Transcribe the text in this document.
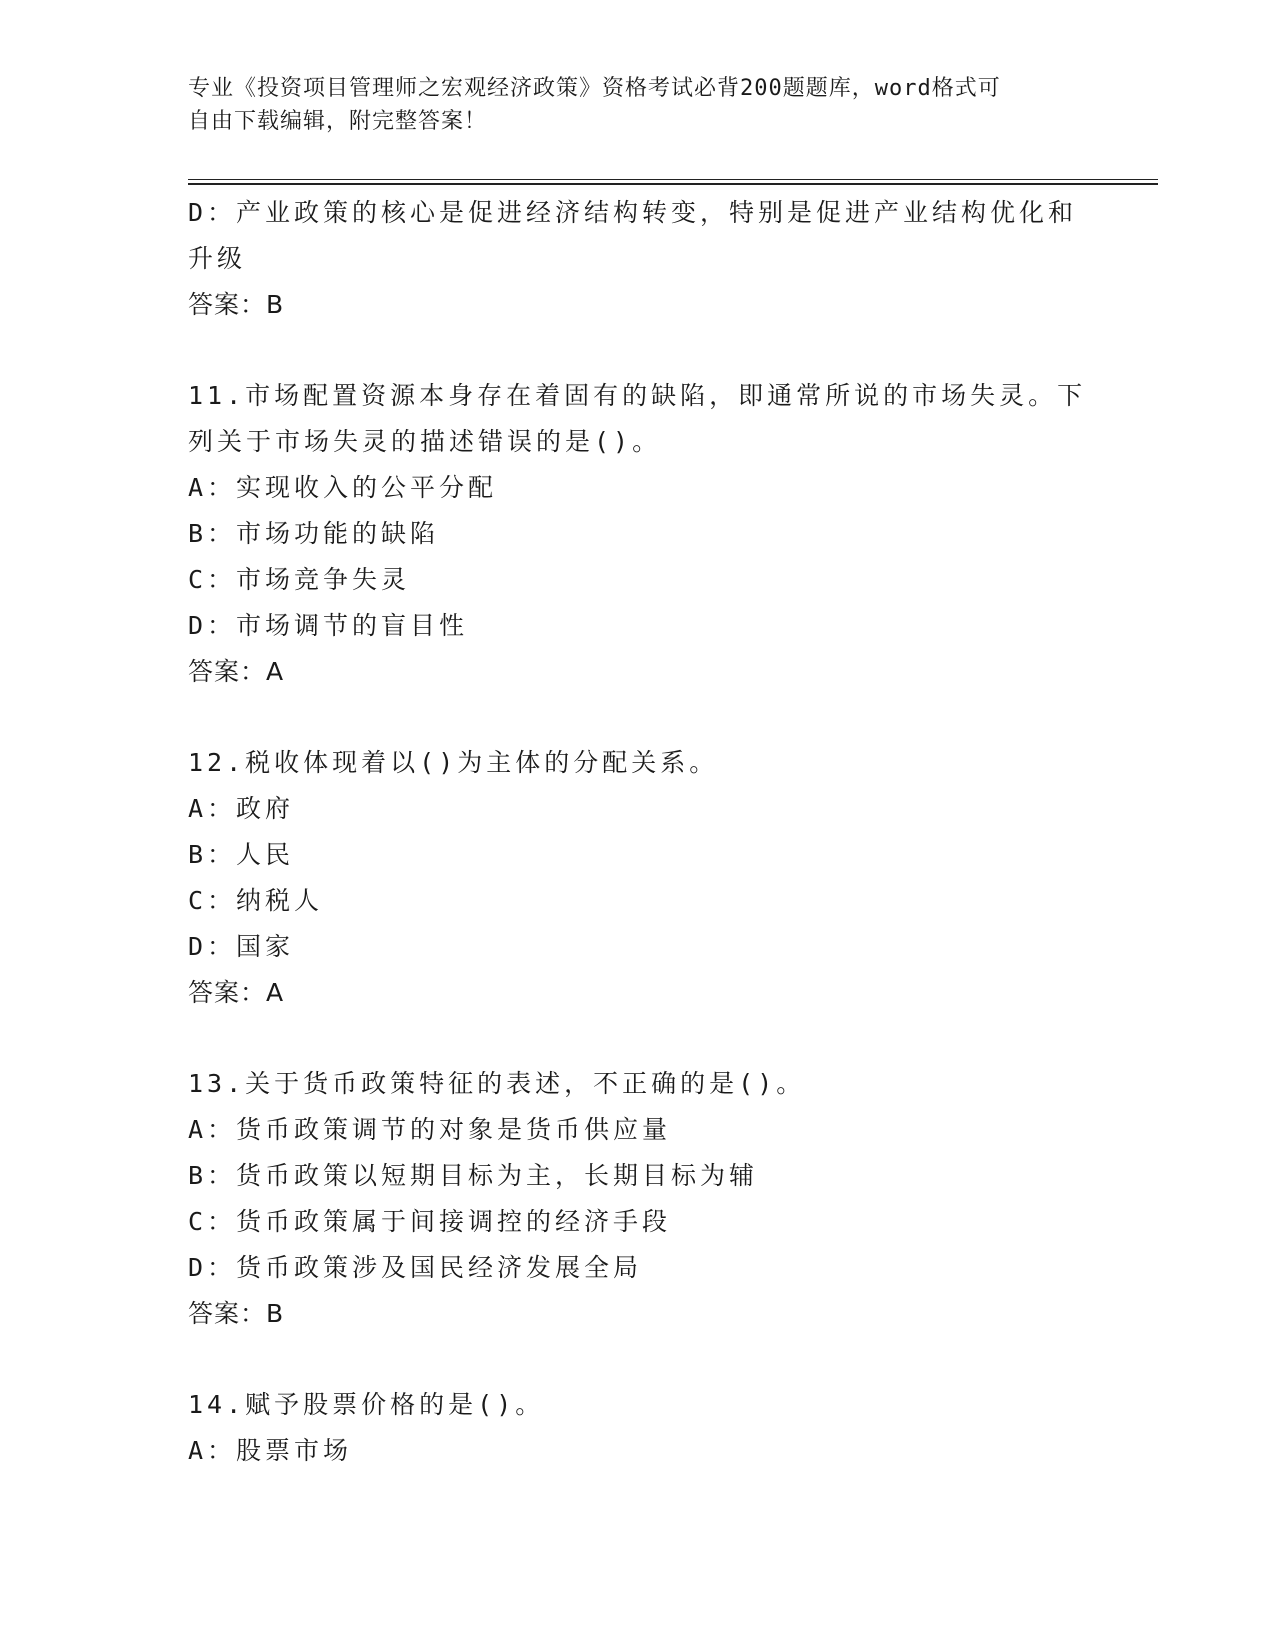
专业《投资项目管理师之宏观经济政策》资格考试必背200题题库，word格式可
自由下载编辑，附完整答案！
D：产业政策的核心是促进经济结构转变，特别是促进产业结构优化和
升级
答案：B
11.市场配置资源本身存在着固有的缺陷，即通常所说的市场失灵。下
列关于市场失灵的描述错误的是()。
A：实现收入的公平分配
B：市场功能的缺陷
C：市场竞争失灵
D：市场调节的盲目性
答案：A
12.税收体现着以()为主体的分配关系。
A：政府
B：人民
C：纳税人
D：国家
答案：A
13.关于货币政策特征的表述，不正确的是()。
A：货币政策调节的对象是货币供应量
B：货币政策以短期目标为主，长期目标为辅
C：货币政策属于间接调控的经济手段
D：货币政策涉及国民经济发展全局
答案：B
14.赋予股票价格的是()。
A：股票市场
